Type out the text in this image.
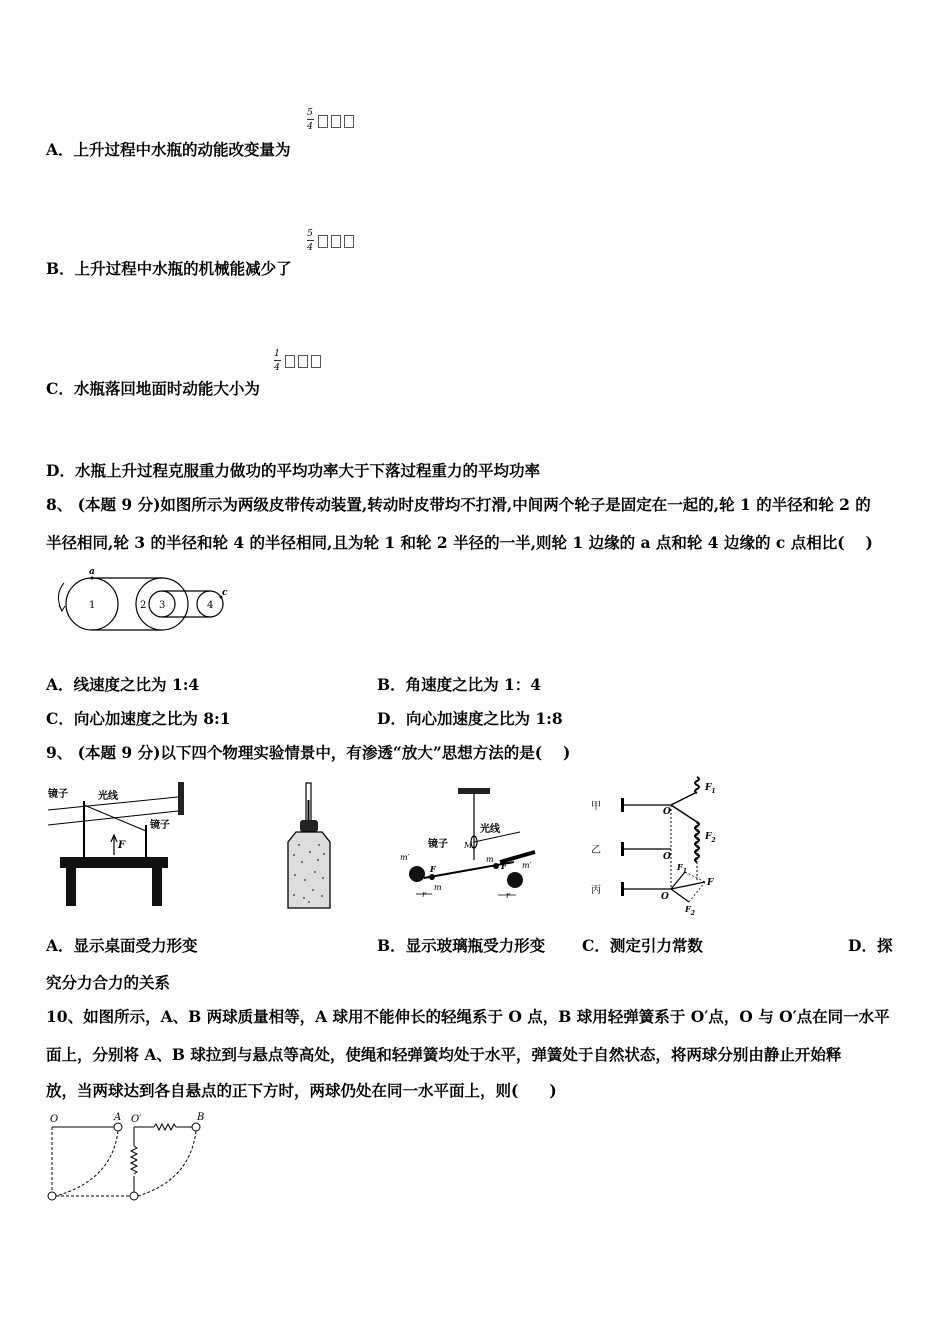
5
4
A．上升过程中水瓶的动能改变量为
5
4
B．上升过程中水瓶的机械能减少了
1
4
C．水瓶落回地面时动能大小为
D．水瓶上升过程克服重力做功的平均功率大于下落过程重力的平均功率
8、 (本题 9 分)如图所示为两级皮带传动装置,转动时皮带均不打滑,中间两个轮子是固定在一起的,轮 1 的半径和轮 2 的
半径相同,轮 3 的半径和轮 4 的半径相同,且为轮 1 和轮 2 半径的一半,则轮 1 边缘的 a 点和轮 4 边缘的 c 点相比(　 )
a
c
1	2 3	4
A．线速度之比为 1:4	B．角速度之比为 1：4
C．向心加速度之比为 8:1	D．向心加速度之比为 1:8
9、 (本题 9 分)以下四个物理实验情景中，有渗透“放大”思想方法的是(　 )
光线
镜子
镜子
F	镜子
光线
M
m′
m′
m
m
F	F
r	r
甲
乙
丙
O
O
O
$F_1$
$F_2$
$F_1$
F
$F_2$
A．显示桌面受力形变	B．显示玻璃瓶受力形变 C．测定引力常数	D．探
究分力合力的关系
10、如图所示，A、B 两球质量相等，A 球用不能伸长的轻绳系于 O 点，B 球用轻弹簧系于 O′点，O 与 O′点在同一水平
面上，分别将 A、B 球拉到与悬点等高处，使绳和轻弹簧均处于水平，弹簧处于自然状态，将两球分别由静止开始释
放，当两球达到各自悬点的正下方时，两球仍处在同一水平面上，则(　　)
O	A O′	B
